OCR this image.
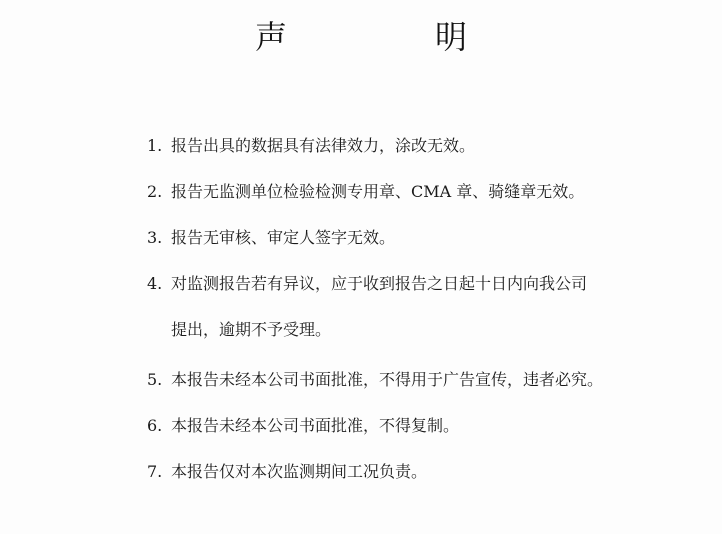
声　明
1. 报告出具的数据具有法律效力，涂改无效。
2. 报告无监测单位检验检测专用章、CMA 章、骑缝章无效。
3. 报告无审核、审定人签字无效。
4. 对监测报告若有异议，应于收到报告之日起十日内向我公司
提出，逾期不予受理。
5. 本报告未经本公司书面批准，不得用于广告宣传，违者必究。
6. 本报告未经本公司书面批准，不得复制。
7. 本报告仅对本次监测期间工况负责。
